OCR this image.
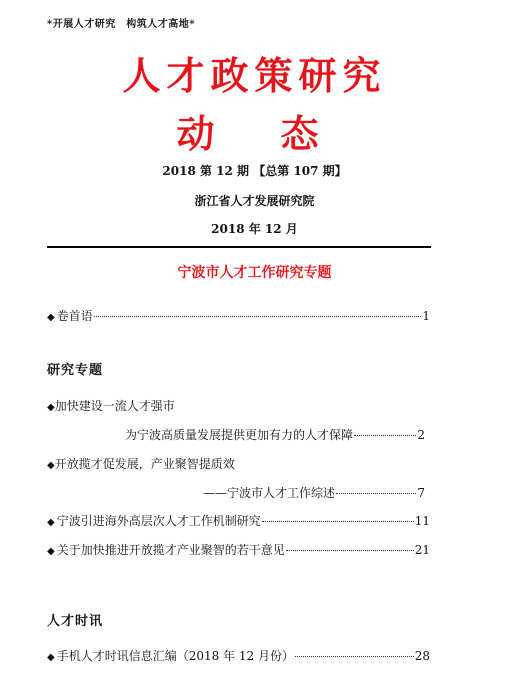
*开展人才研究　构筑人才高地*
人才政策研究
动　态
2018 第 12 期 【总第 107 期】
浙江省人才发展研究院
2018 年 12 月
宁波市人才工作研究专题
◆ 卷首语	1
研究专题
◆加快建设一流人才强市
为宁波高质量发展提供更加有力的人才保障	2
◆开放揽才促发展，产业聚智提质效
——宁波市人才工作综述	7
◆ 宁波引进海外高层次人才工作机制研究	11
◆ 关于加快推进开放揽才产业聚智的若干意见	21
人才时讯
◆ 手机人才时讯信息汇编（2018 年 12 月份）	28
